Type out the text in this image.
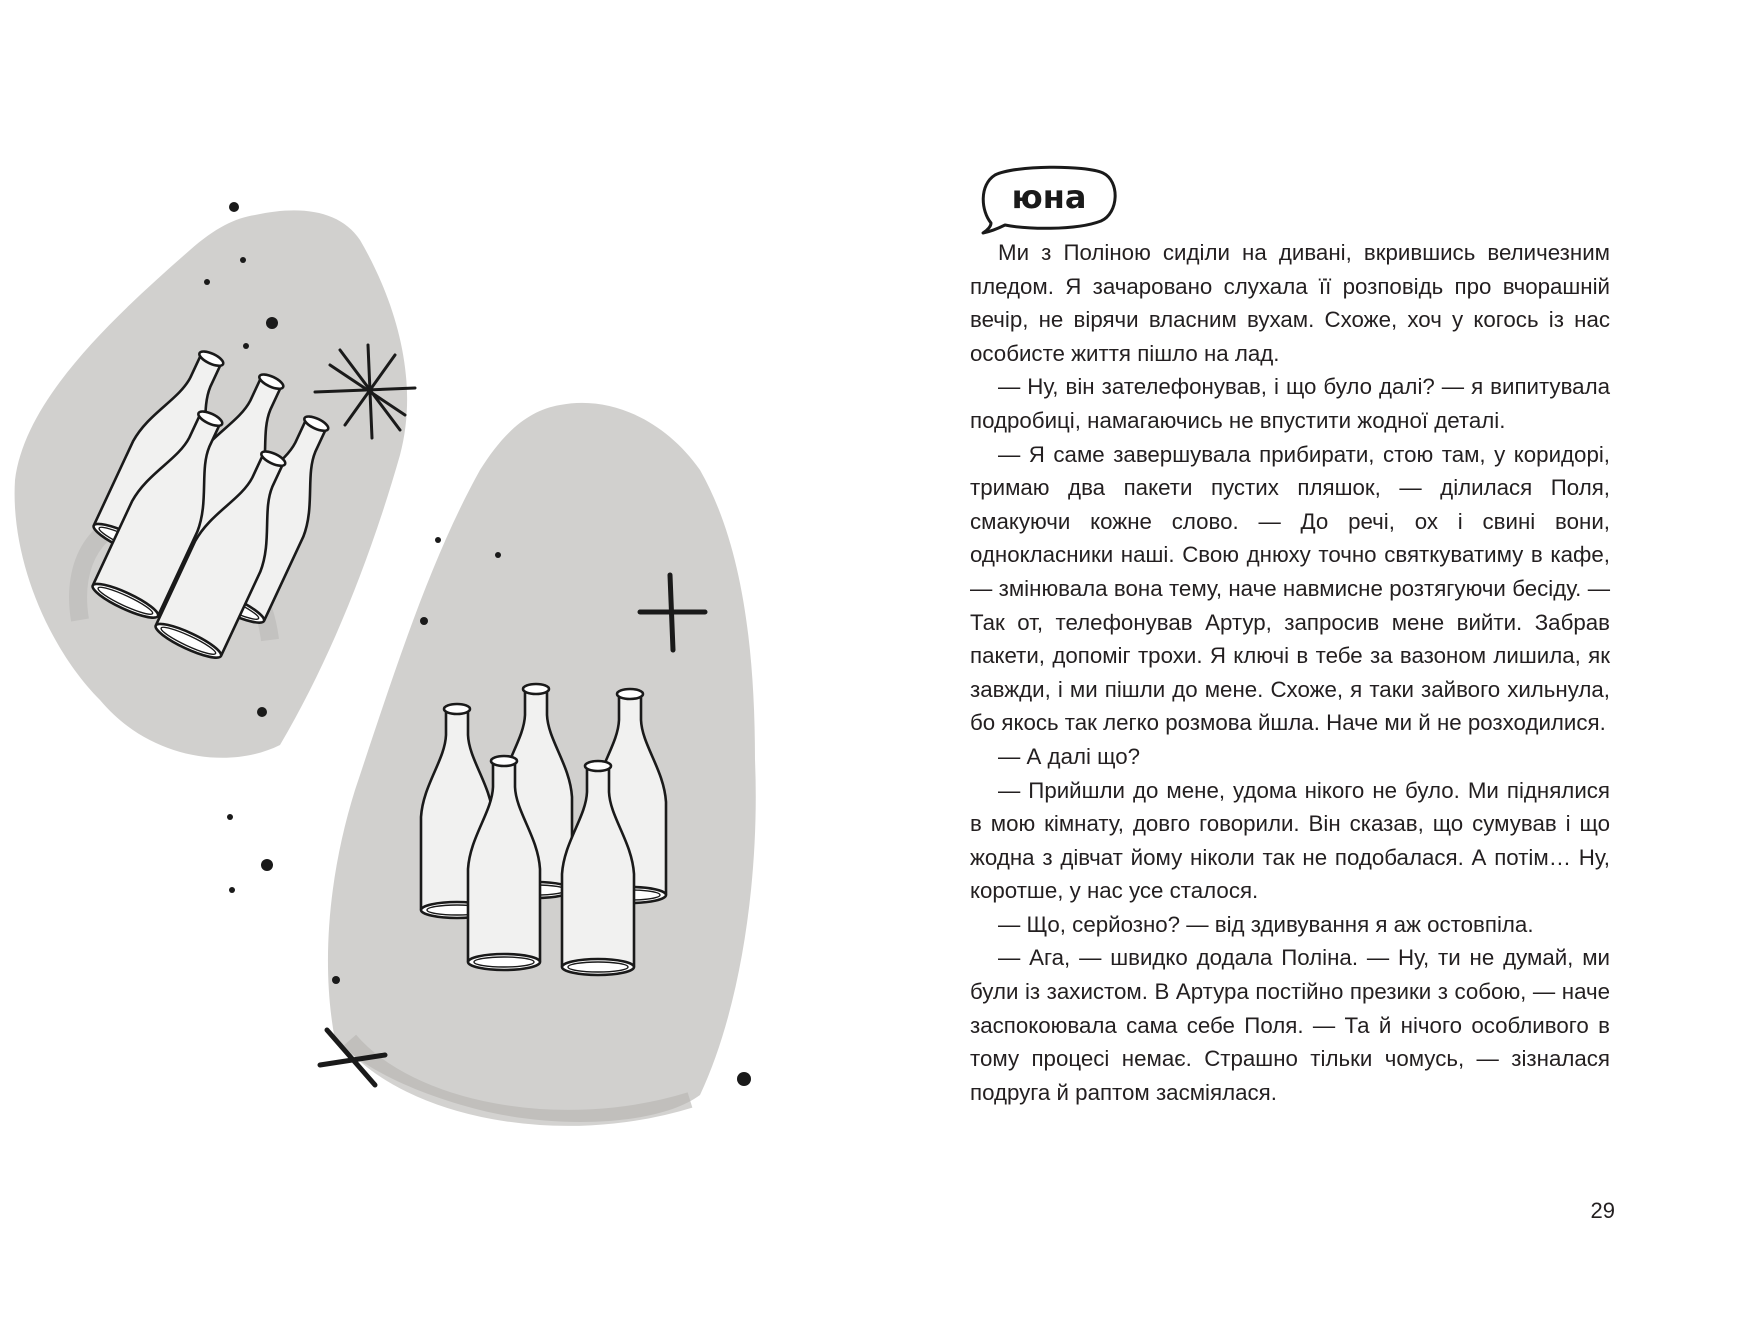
юна

Ми з Поліною сиділи на дивані, вкрившись величезним пледом. Я зачаровано слухала її розповідь про вчорашній вечір, не вірячи власним вухам. Схоже, хоч у когось із нас особисте життя пішло на лад.

— Ну, він зателефонував, і що було далі? — я випитувала подробиці, намагаючись не впустити жодної деталі.

— Я саме завершувала прибирати, стою там, у коридорі, тримаю два пакети пустих пляшок, — ділилася Поля, смакуючи кожне слово. — До речі, ох і свині вони, однокласники наші. Свою днюху точно святкуватиму в кафе, — змінювала вона тему, наче навмисне розтягуючи бесіду. — Так от, телефонував Артур, запросив мене вийти. Забрав пакети, допоміг трохи. Я ключі в тебе за вазоном лишила, як завжди, і ми пішли до мене. Схоже, я таки зайвого хильнула, бо якось так легко розмова йшла. Наче ми й не розходилися.

— А далі що?

— Прийшли до мене, удома нікого не було. Ми піднялися в мою кімнату, довго говорили. Він сказав, що сумував і що жодна з дівчат йому ніколи так не подобалася. А потім… Ну, коротше, у нас усе сталося.

— Що, серйозно? — від здивування я аж остовпіла.

— Ага, — швидко додала Поліна. — Ну, ти не думай, ми були із захистом. В Артура постійно презики з собою, — наче заспокоювала сама себе Поля. — Та й нічого особливого в тому процесі немає. Страшно тільки чомусь, — зізналася подруга й раптом засміялася.

29
